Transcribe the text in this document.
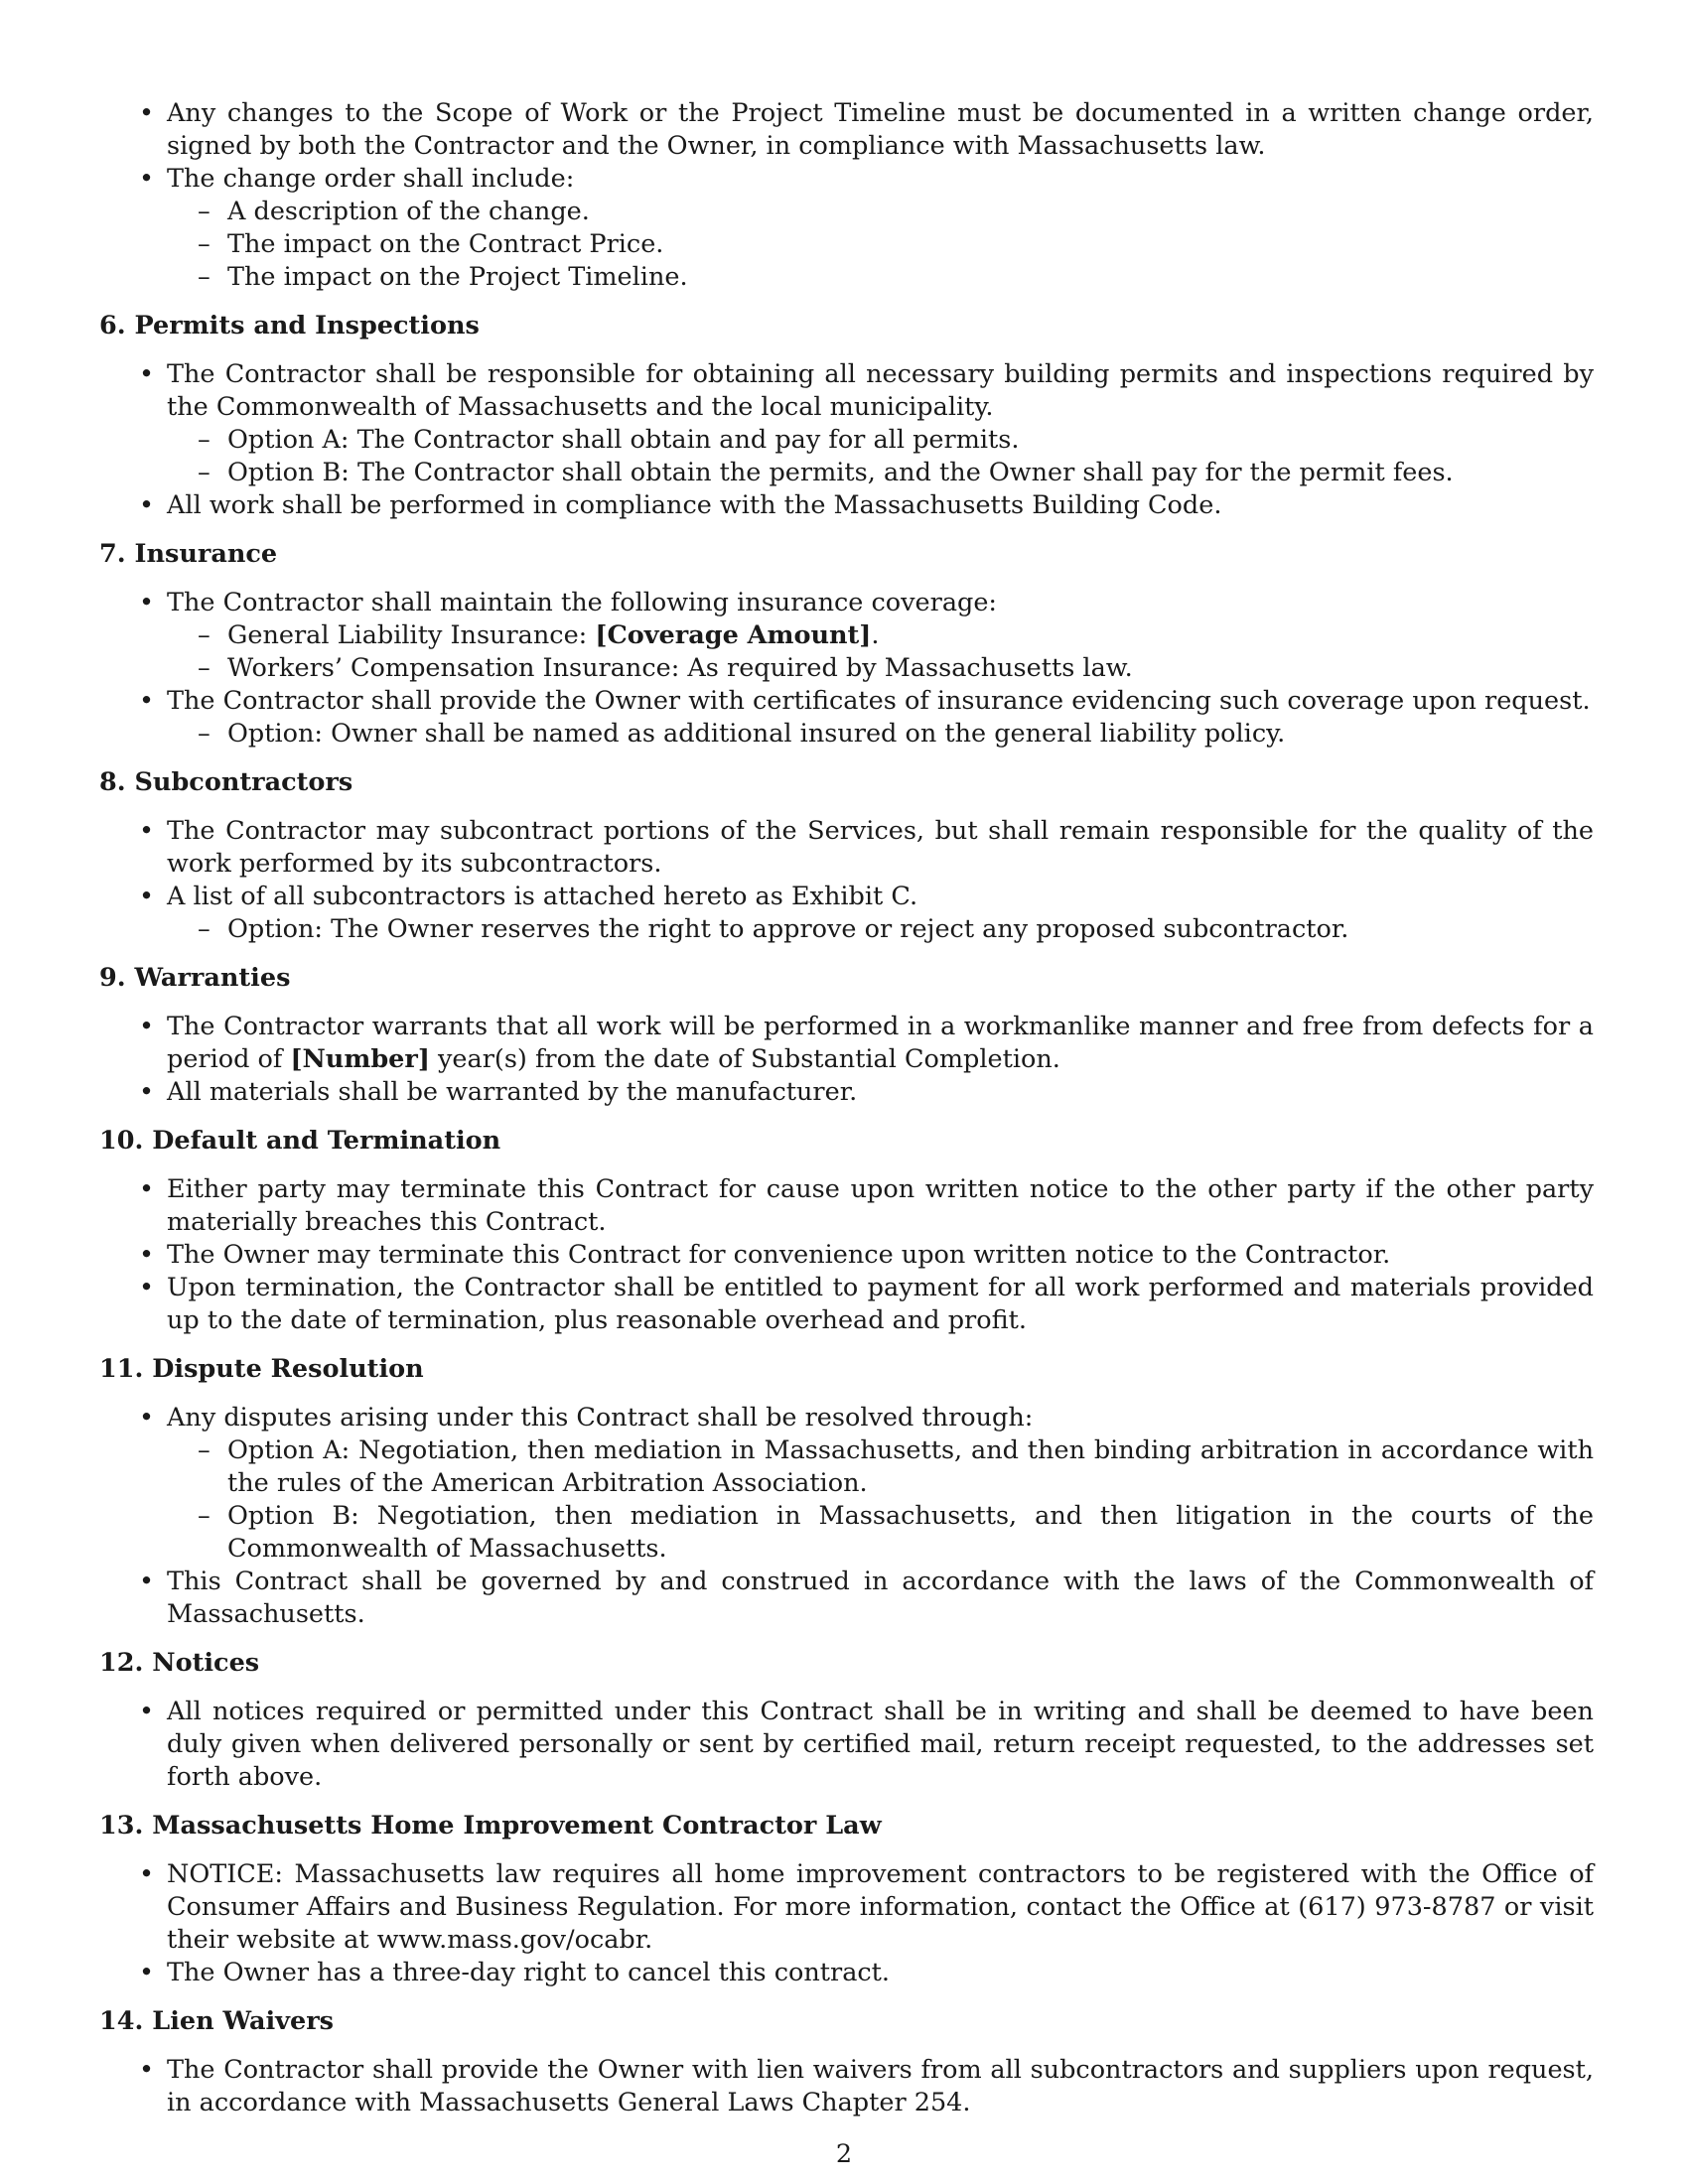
• Any changes to the Scope of Work or the Project Timeline must be documented in a written change order, signed by both the Contractor and the Owner, in compliance with Massachusetts law.
• The change order shall include:
– A description of the change.
– The impact on the Contract Price.
– The impact on the Project Timeline.
6. Permits and Inspections
• The Contractor shall be responsible for obtaining all necessary building permits and inspections required by the Commonwealth of Massachusetts and the local municipality.
– Option A: The Contractor shall obtain and pay for all permits.
– Option B: The Contractor shall obtain the permits, and the Owner shall pay for the permit fees.
• All work shall be performed in compliance with the Massachusetts Building Code.
7. Insurance
• The Contractor shall maintain the following insurance coverage:
– General Liability Insurance: [Coverage Amount].
– Workers’ Compensation Insurance: As required by Massachusetts law.
• The Contractor shall provide the Owner with certificates of insurance evidencing such coverage upon request.
– Option: Owner shall be named as additional insured on the general liability policy.
8. Subcontractors
• The Contractor may subcontract portions of the Services, but shall remain responsible for the quality of the work performed by its subcontractors.
• A list of all subcontractors is attached hereto as Exhibit C.
– Option: The Owner reserves the right to approve or reject any proposed subcontractor.
9. Warranties
• The Contractor warrants that all work will be performed in a workmanlike manner and free from defects for a period of [Number] year(s) from the date of Substantial Completion.
• All materials shall be warranted by the manufacturer.
10. Default and Termination
• Either party may terminate this Contract for cause upon written notice to the other party if the other party materially breaches this Contract.
• The Owner may terminate this Contract for convenience upon written notice to the Contractor.
• Upon termination, the Contractor shall be entitled to payment for all work performed and materials provided up to the date of termination, plus reasonable overhead and profit.
11. Dispute Resolution
• Any disputes arising under this Contract shall be resolved through:
– Option A: Negotiation, then mediation in Massachusetts, and then binding arbitration in accordance with the rules of the American Arbitration Association.
– Option B: Negotiation, then mediation in Massachusetts, and then litigation in the courts of the Commonwealth of Massachusetts.
• This Contract shall be governed by and construed in accordance with the laws of the Commonwealth of Massachusetts.
12. Notices
• All notices required or permitted under this Contract shall be in writing and shall be deemed to have been duly given when delivered personally or sent by certified mail, return receipt requested, to the addresses set forth above.
13. Massachusetts Home Improvement Contractor Law
• NOTICE: Massachusetts law requires all home improvement contractors to be registered with the Office of Consumer Affairs and Business Regulation. For more information, contact the Office at (617) 973-8787 or visit their website at www.mass.gov/ocabr.
• The Owner has a three-day right to cancel this contract.
14. Lien Waivers
• The Contractor shall provide the Owner with lien waivers from all subcontractors and suppliers upon request, in accordance with Massachusetts General Laws Chapter 254.
2
